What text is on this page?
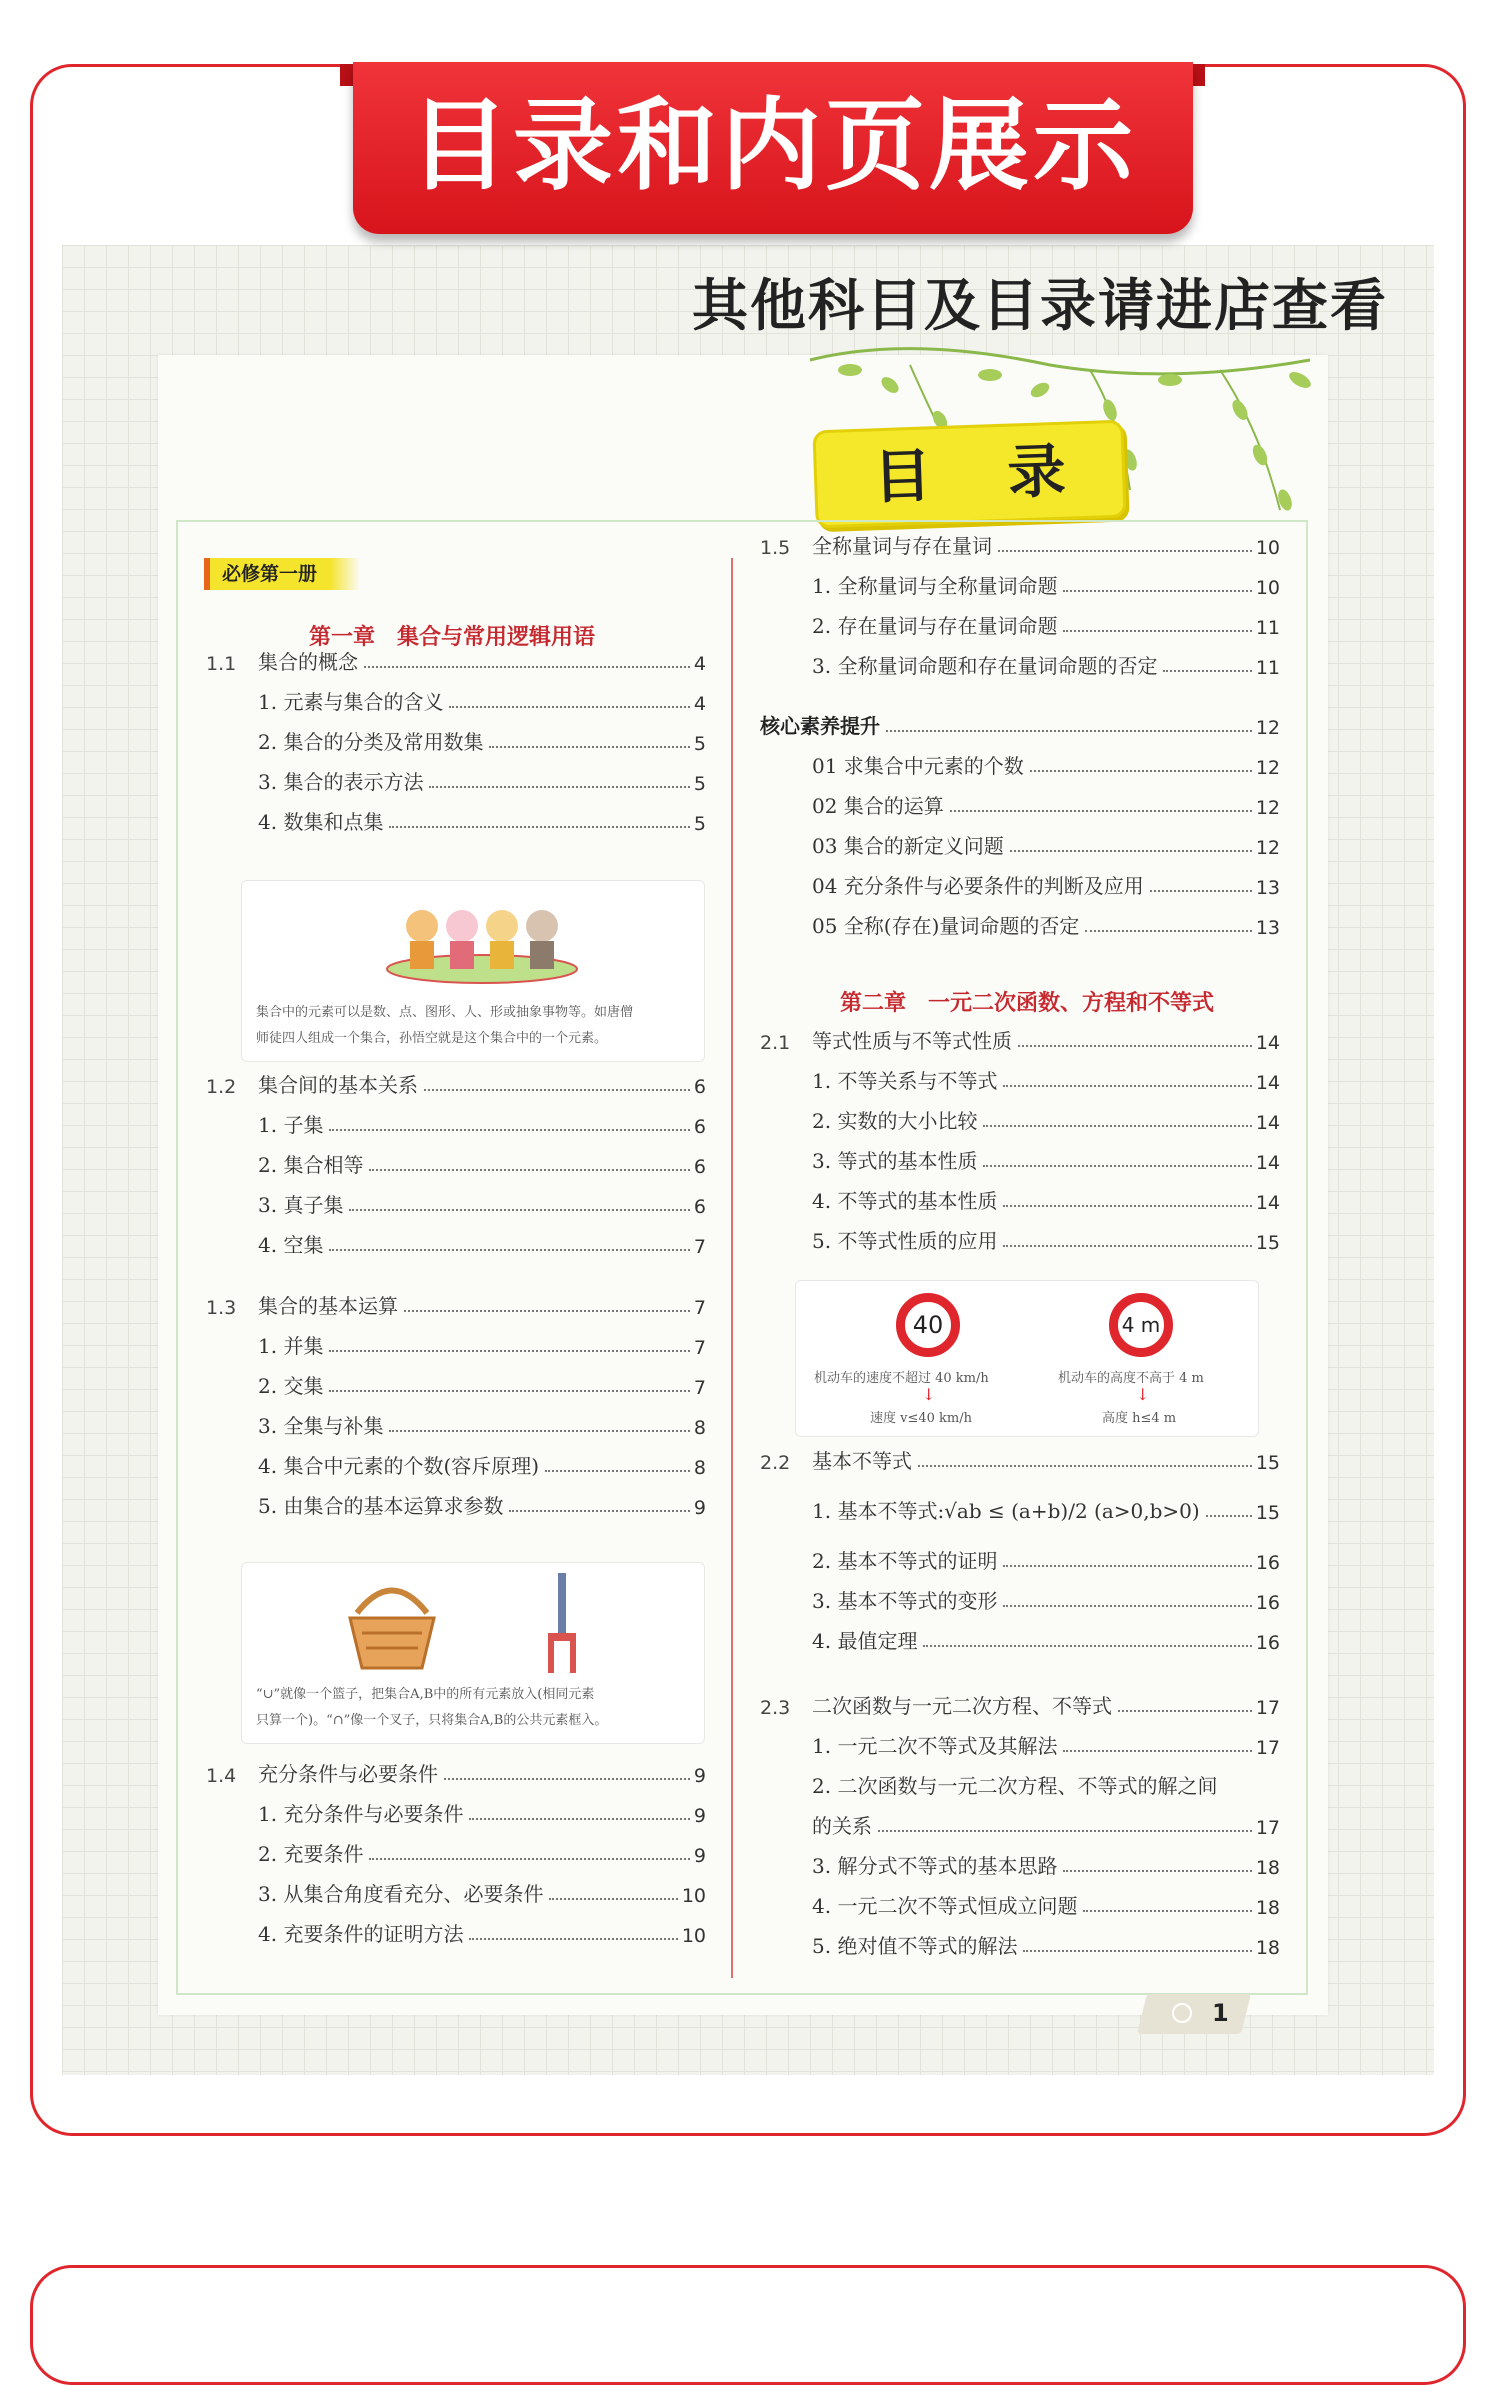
目录和内页展示
其他科目及目录请进店查看
目 录
必修第一册
第一章　集合与常用逻辑用语
第二章　一元二次函数、方程和不等式
1.1	集合的概念	4
1. 元素与集合的含义	4
2. 集合的分类及常用数集	5
3. 集合的表示方法	5
4. 数集和点集	5
1.2	集合间的基本关系	6
1. 子集	6
2. 集合相等	6
3. 真子集	6
4. 空集	7
1.3	集合的基本运算	7
1. 并集	7
2. 交集	7
3. 全集与补集	8
4. 集合中元素的个数(容斥原理)	8
5. 由集合的基本运算求参数	9
1.4	充分条件与必要条件	9
1. 充分条件与必要条件	9
2. 充要条件	9
3. 从集合角度看充分、必要条件	10
4. 充要条件的证明方法	10
1.5	全称量词与存在量词	10
1. 全称量词与全称量词命题	10
2. 存在量词与存在量词命题	11
3. 全称量词命题和存在量词命题的否定	11
核心素养提升	12
01 求集合中元素的个数	12
02 集合的运算	12
03 集合的新定义问题	12
04 充分条件与必要条件的判断及应用	13
05 全称(存在)量词命题的否定	13
2.1	等式性质与不等式性质	14
1. 不等关系与不等式	14
2. 实数的大小比较	14
3. 等式的基本性质	14
4. 不等式的基本性质	14
5. 不等式性质的应用	15
2.2	基本不等式	15
1. 基本不等式:√ab ≤ (a+b)/2 (a>0,b>0)	15
2. 基本不等式的证明	16
3. 基本不等式的变形	16
4. 最值定理	16
2.3	二次函数与一元二次方程、不等式	17
1. 一元二次不等式及其解法	17
2. 二次函数与一元二次方程、不等式的解之间
的关系	17
3. 解分式不等式的基本思路	18
4. 一元二次不等式恒成立问题	18
5. 绝对值不等式的解法	18
集合中的元素可以是数、点、图形、人、形或抽象事物等。如唐僧
师徒四人组成一个集合，孙悟空就是这个集合中的一个元素。
“∪”就像一个篮子，把集合A,B中的所有元素放入(相同元素
只算一个)。“∩”像一个叉子，只将集合A,B的公共元素框入。
40	4 m
机动车的速度不超过 40 km/h	机动车的高度不高于 4 m
↓	↓
速度 v≤40 km/h	高度 h≤4 m
1
